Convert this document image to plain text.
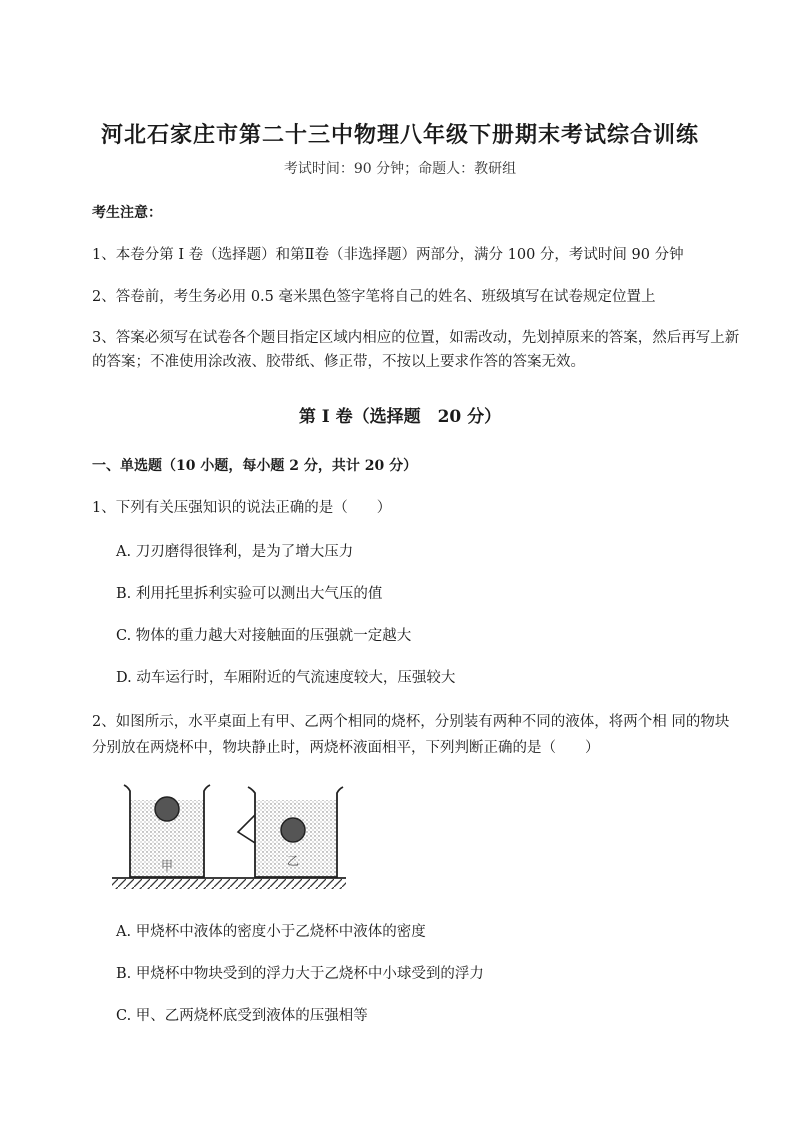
河北石家庄市第二十三中物理八年级下册期末考试综合训练
考试时间：90 分钟；命题人：教研组
考生注意：
1、本卷分第 I 卷（选择题）和第Ⅱ卷（非选择题）两部分，满分 100 分，考试时间 90 分钟
2、答卷前，考生务必用 0.5 毫米黑色签字笔将自己的姓名、班级填写在试卷规定位置上
3、答案必须写在试卷各个题目指定区域内相应的位置，如需改动，先划掉原来的答案，然后再写上新的答案；不准使用涂改液、胶带纸、修正带，不按以上要求作答的答案无效。
第 I 卷（选择题　20 分）
一、单选题（10 小题，每小题 2 分，共计 20 分）
1、下列有关压强知识的说法正确的是（　　）
A. 刀刃磨得很锋利，是为了增大压力
B. 利用托里拆利实验可以测出大气压的值
C. 物体的重力越大对接触面的压强就一定越大
D. 动车运行时，车厢附近的气流速度较大，压强较大
2、如图所示，水平桌面上有甲、乙两个相同的烧杯，分别装有两种不同的液体，将两个相 同的物块
分别放在两烧杯中，物块静止时，两烧杯液面相平，下列判断正确的是（　　）
甲	乙
A. 甲烧杯中液体的密度小于乙烧杯中液体的密度
B. 甲烧杯中物块受到的浮力大于乙烧杯中小球受到的浮力
C. 甲、乙两烧杯底受到液体的压强相等
